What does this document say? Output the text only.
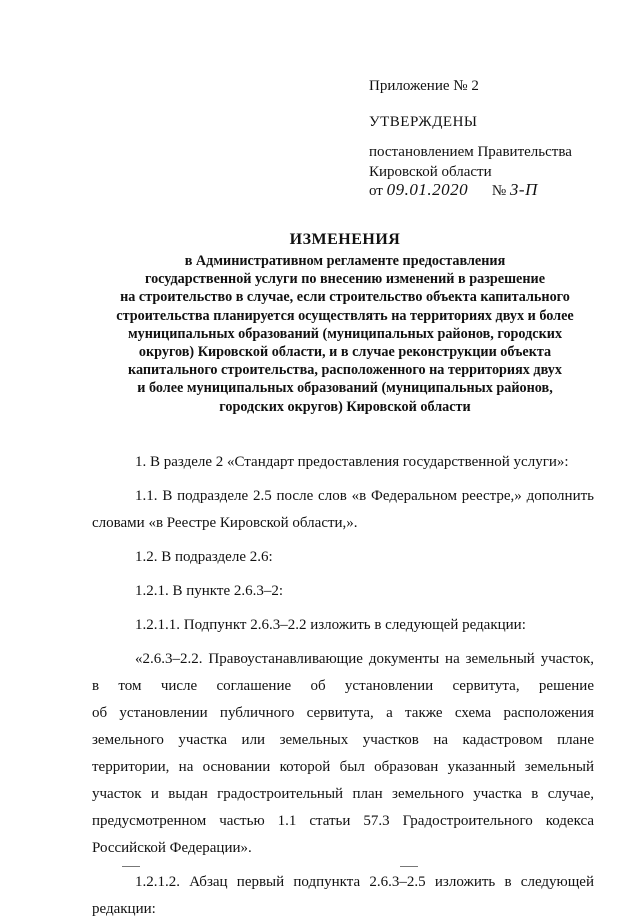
Приложение № 2
УТВЕРЖДЕНЫ
постановлением Правительства
Кировской области
от 09.01.2020 № 3-П
ИЗМЕНЕНИЯ
в Административном регламенте предоставления
государственной услуги по внесению изменений в разрешение
на строительство в случае, если строительство объекта капитального
строительства планируется осуществлять на территориях двух и более
муниципальных образований (муниципальных районов, городских
округов) Кировской области, и в случае реконструкции объекта
капитального строительства, расположенного на территориях двух
и более муниципальных образований (муниципальных районов,
городских округов) Кировской области

1. В разделе 2 «Стандарт предоставления государственной услуги»:

1.1. В подразделе 2.5 после слов «в Федеральном реестре,» дополнить
словами «в Реестре Кировской области,».

1.2. В подразделе 2.6:

1.2.1. В пункте 2.6.3–2:

1.2.1.1. Подпункт 2.6.3–2.2 изложить в следующей редакции:

«2.6.3–2.2. Правоустанавливающие документы на земельный участок,
в том числе соглашение об установлении сервитута, решение
об установлении публичного сервитута, а также схема расположения
земельного участка или земельных участков на кадастровом плане
территории, на основании которой был образован указанный земельный
участок и выдан градостроительный план земельного участка в случае,
предусмотренном частью 1.1 статьи 57.3 Градостроительного кодекса
Российской Федерации».
1.2.1.2. Абзац первый подпункта 2.6.3–2.5 изложить в следующей
редакции:
